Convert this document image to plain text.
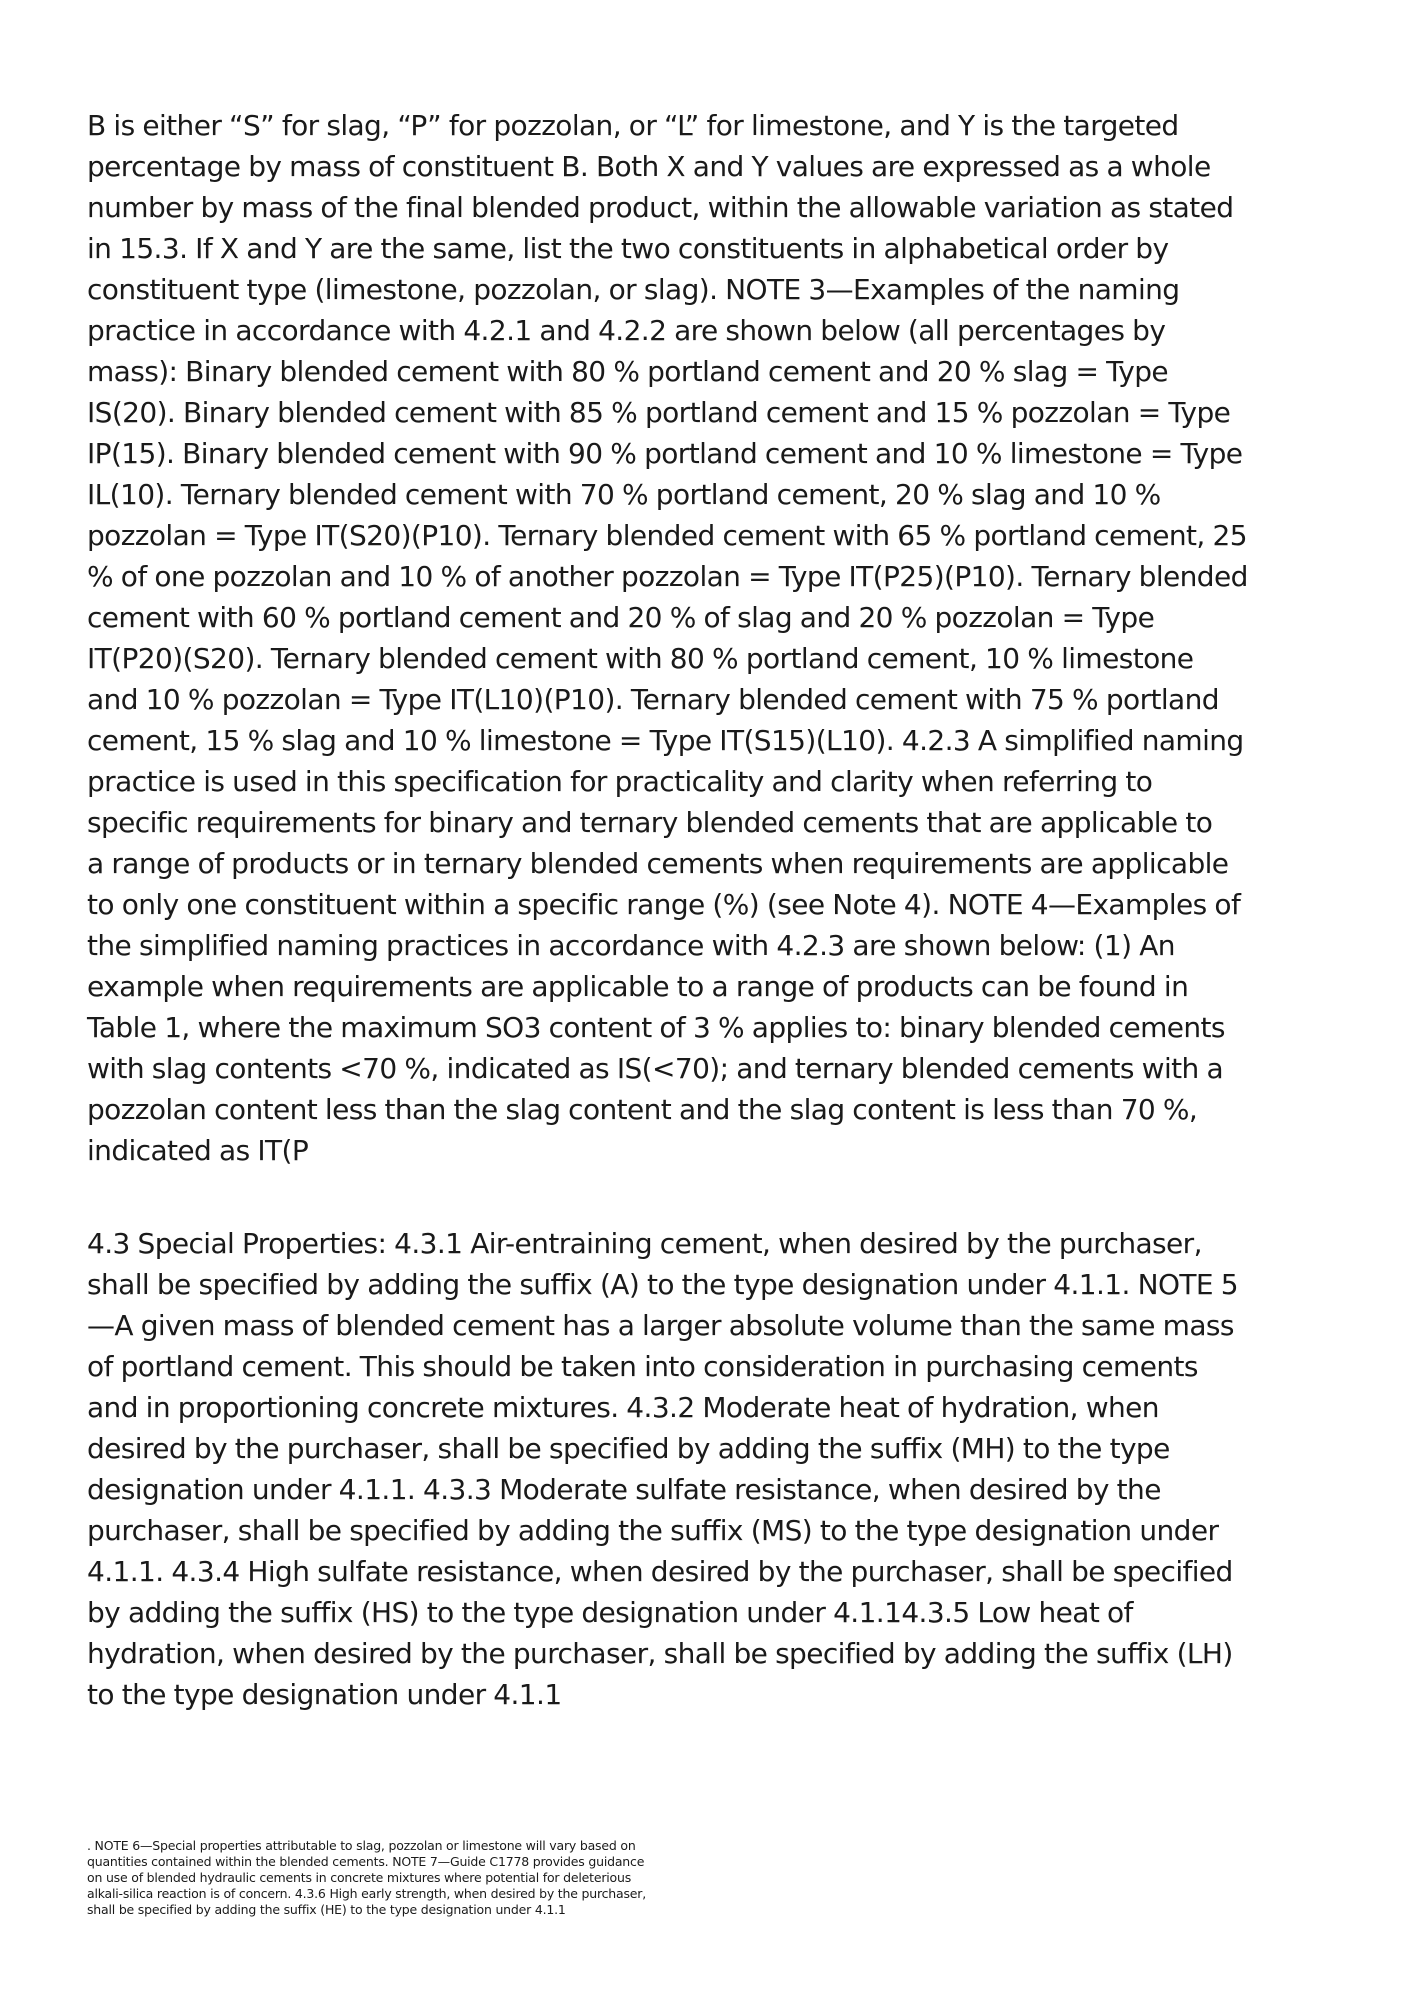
B is either “S” for slag, “P” for pozzolan, or “L” for limestone, and Y is the targeted
percentage by mass of constituent B. Both X and Y values are expressed as a whole
number by mass of the final blended product, within the allowable variation as stated
in 15.3. If X and Y are the same, list the two constituents in alphabetical order by
constituent type (limestone, pozzolan, or slag). NOTE 3—Examples of the naming
practice in accordance with 4.2.1 and 4.2.2 are shown below (all percentages by
mass): Binary blended cement with 80 % portland cement and 20 % slag = Type
IS(20). Binary blended cement with 85 % portland cement and 15 % pozzolan = Type
IP(15). Binary blended cement with 90 % portland cement and 10 % limestone = Type
IL(10). Ternary blended cement with 70 % portland cement, 20 % slag and 10 %
pozzolan = Type IT(S20)(P10). Ternary blended cement with 65 % portland cement, 25
% of one pozzolan and 10 % of another pozzolan = Type IT(P25)(P10). Ternary blended
cement with 60 % portland cement and 20 % of slag and 20 % pozzolan = Type
IT(P20)(S20). Ternary blended cement with 80 % portland cement, 10 % limestone
and 10 % pozzolan = Type IT(L10)(P10). Ternary blended cement with 75 % portland
cement, 15 % slag and 10 % limestone = Type IT(S15)(L10). 4.2.3 A simplified naming
practice is used in this specification for practicality and clarity when referring to
specific requirements for binary and ternary blended cements that are applicable to
a range of products or in ternary blended cements when requirements are applicable
to only one constituent within a specific range (%) (see Note 4). NOTE 4—Examples of
the simplified naming practices in accordance with 4.2.3 are shown below: (1) An
example when requirements are applicable to a range of products can be found in
Table 1, where the maximum SO3 content of 3 % applies to: binary blended cements
with slag contents <70 %, indicated as IS(<70); and ternary blended cements with a
pozzolan content less than the slag content and the slag content is less than 70 %,
indicated as IT(P

4.3 Special Properties: 4.3.1 Air-entraining cement, when desired by the purchaser,
shall be specified by adding the suffix (A) to the type designation under 4.1.1. NOTE 5
—A given mass of blended cement has a larger absolute volume than the same mass
of portland cement. This should be taken into consideration in purchasing cements
and in proportioning concrete mixtures. 4.3.2 Moderate heat of hydration, when
desired by the purchaser, shall be specified by adding the suffix (MH) to the type
designation under 4.1.1. 4.3.3 Moderate sulfate resistance, when desired by the
purchaser, shall be specified by adding the suffix (MS) to the type designation under
4.1.1. 4.3.4 High sulfate resistance, when desired by the purchaser, shall be specified
by adding the suffix (HS) to the type designation under 4.1.14.3.5 Low heat of
hydration, when desired by the purchaser, shall be specified by adding the suffix (LH)
to the type designation under 4.1.1

. NOTE 6—Special properties attributable to slag, pozzolan or limestone will vary based on
quantities contained within the blended cements. NOTE 7—Guide C1778 provides guidance
on use of blended hydraulic cements in concrete mixtures where potential for deleterious
alkali-silica reaction is of concern. 4.3.6 High early strength, when desired by the purchaser,
shall be specified by adding the suffix (HE) to the type designation under 4.1.1
